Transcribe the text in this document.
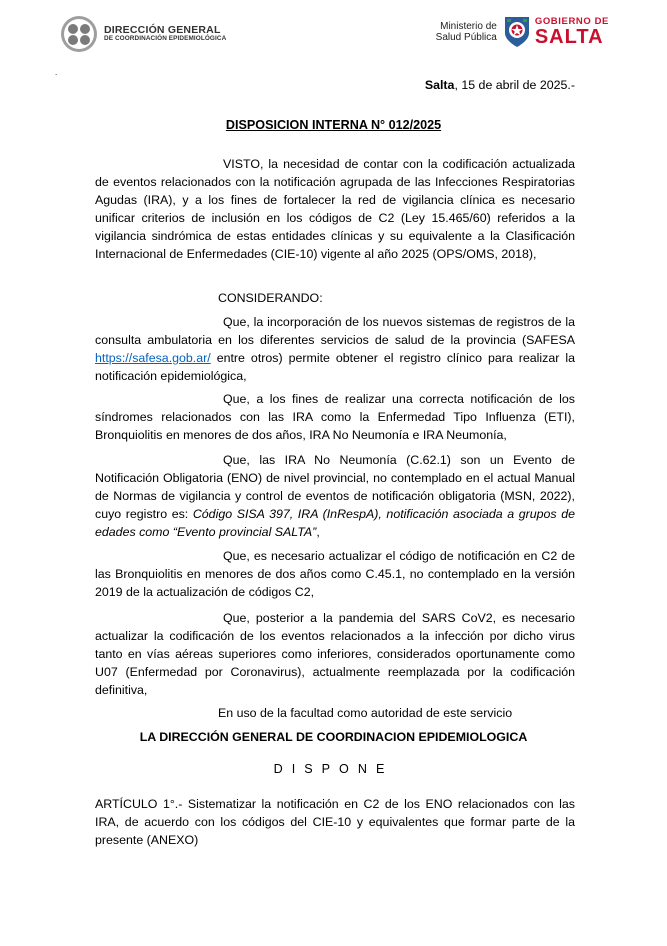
DIRECCIÓN GENERAL
DE COORDINACIÓN EPIDEMIOLÓGICA
Ministerio de
Salud Pública
GOBIERNO DE
SALTA
.
Salta, 15 de abril de 2025.-
DISPOSICION INTERNA N° 012/2025

VISTO, la necesidad de contar con la codificación actualizada de eventos relacionados con la notificación agrupada de las Infecciones Respiratorias Agudas (IRA), y a los fines de fortalecer la red de vigilancia clínica es necesario unificar criterios de inclusión en los códigos de C2 (Ley 15.465/60) referidos a la vigilancia sindrómica de estas entidades clínicas y su equivalente a la Clasificación Internacional de Enfermedades (CIE-10) vigente al año 2025 (OPS/OMS, 2018),

CONSIDERANDO:

Que, la incorporación de los nuevos sistemas de registros de la consulta ambulatoria en los diferentes servicios de salud de la provincia (SAFESA https://safesa.gob.ar/ entre otros) permite obtener el registro clínico para realizar la notificación epidemiológica,

Que, a los fines de realizar una correcta notificación de los síndromes relacionados con las IRA como la Enfermedad Tipo Influenza (ETI), Bronquiolitis en menores de dos años, IRA No Neumonía e IRA Neumonía,

Que, las IRA No Neumonía (C.62.1) son un Evento de Notificación Obligatoria (ENO) de nivel provincial, no contemplado en el actual Manual de Normas de vigilancia y control de eventos de notificación obligatoria (MSN, 2022), cuyo registro es: Código SISA 397, IRA (InRespA), notificación asociada a grupos de edades como “Evento provincial SALTA”,

Que, es necesario actualizar el código de notificación en C2 de las Bronquiolitis en menores de dos años como C.45.1, no contemplado en la versión 2019 de la actualización de códigos C2,

Que, posterior a la pandemia del SARS CoV2, es necesario actualizar la codificación de los eventos relacionados a la infección por dicho virus tanto en vías aéreas superiores como inferiores, considerados oportunamente como U07 (Enfermedad por Coronavirus), actualmente reemplazada por la codificación definitiva,

En uso de la facultad como autoridad de este servicio

LA DIRECCIÓN GENERAL DE COORDINACION EPIDEMIOLOGICA
DISPONE

ARTÍCULO 1°.- Sistematizar la notificación en C2 de los ENO relacionados con las IRA, de acuerdo con los códigos del CIE-10 y equivalentes que formar parte de la presente (ANEXO)
